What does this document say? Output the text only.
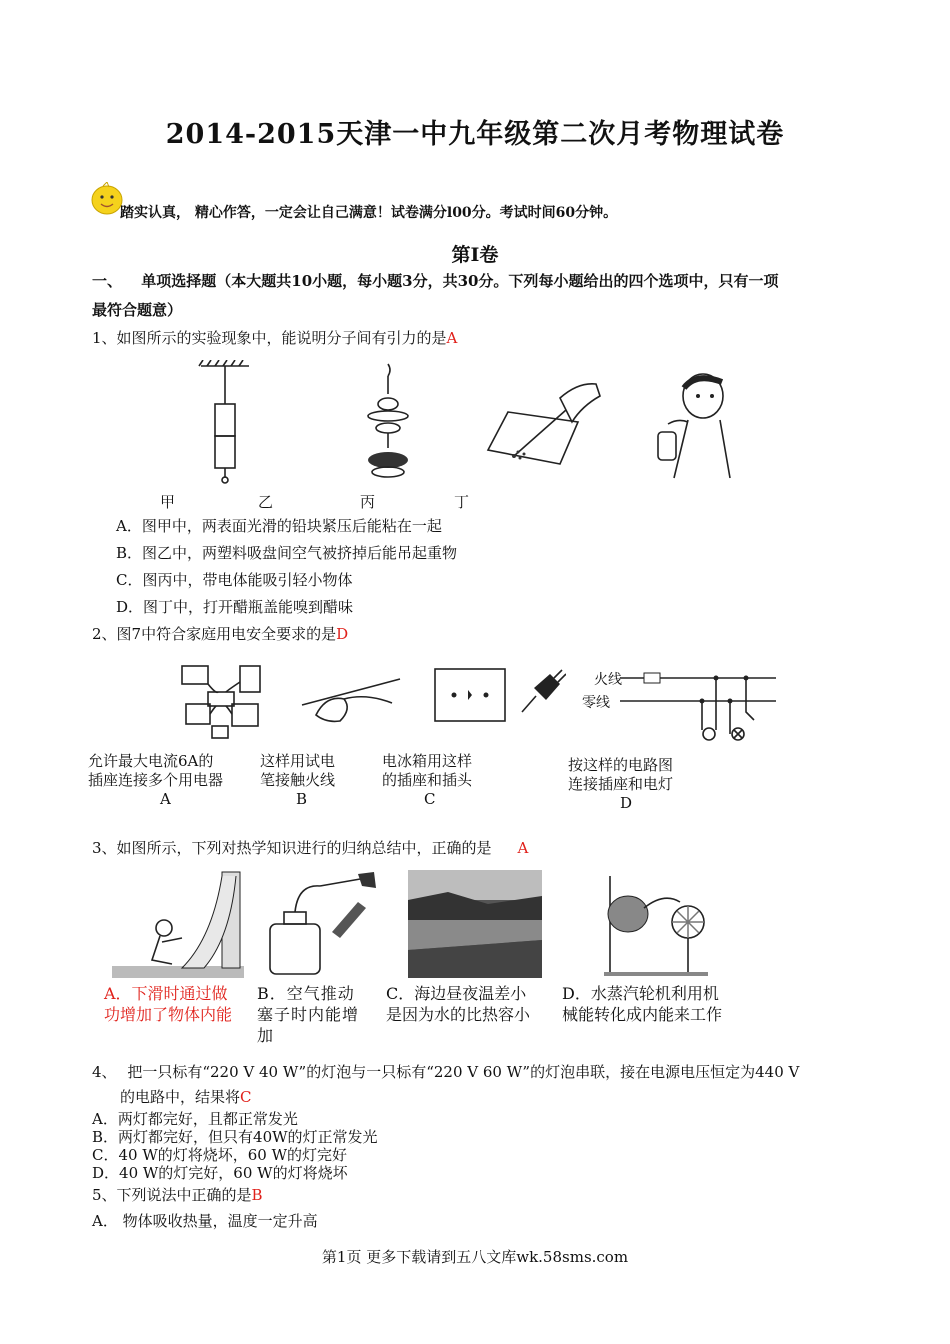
2014-2015天津一中九年级第二次月考物理试卷
踏实认真， 精心作答，一定会让自己满意！试卷满分l00分。考试时间60分钟。
第Ⅰ卷
一、 单项选择题（本大题共10小题，每小题3分，共30分。下列每小题给出的四个选项中，只有一项
最符合题意）
1、如图所示的实验现象中，能说明分子间有引力的是A
甲	乙	丙	丁
A．图甲中，两表面光滑的铅块紧压后能粘在一起
B．图乙中，两塑料吸盘间空气被挤掉后能吊起重物
C．图丙中，带电体能吸引轻小物体
D．图丁中，打开醋瓶盖能嗅到醋味
2、图7中符合家庭用电安全要求的是D
火线
零线
允许最大电流6A的
插座连接多个用电器
A
这样用试电
笔接触火线
B
电冰箱用这样
的插座和插头
C
按这样的电路图
连接插座和电灯
D
3、如图所示，下列对热学知识进行的归纳总结中，正确的是 A
A．下滑时通过做
功增加了物体内能
B．空气推动
塞子时内能增
加
C．海边昼夜温差小
是因为水的比热容小
D．水蒸汽轮机利用机
械能转化成内能来工作
4、 把一只标有“220 V 40 W”的灯泡与一只标有“220 V 60 W”的灯泡串联，接在电源电压恒定为440 V
的电路中，结果将C
A．两灯都完好，且都正常发光
B．两灯都完好，但只有40W的灯正常发光
C．40 W的灯将烧坏，60 W的灯完好
D．40 W的灯完好，60 W的灯将烧坏
5、下列说法中正确的是B
A． 物体吸收热量，温度一定升高
第1页 更多下载请到五八文库wk.58sms.com
